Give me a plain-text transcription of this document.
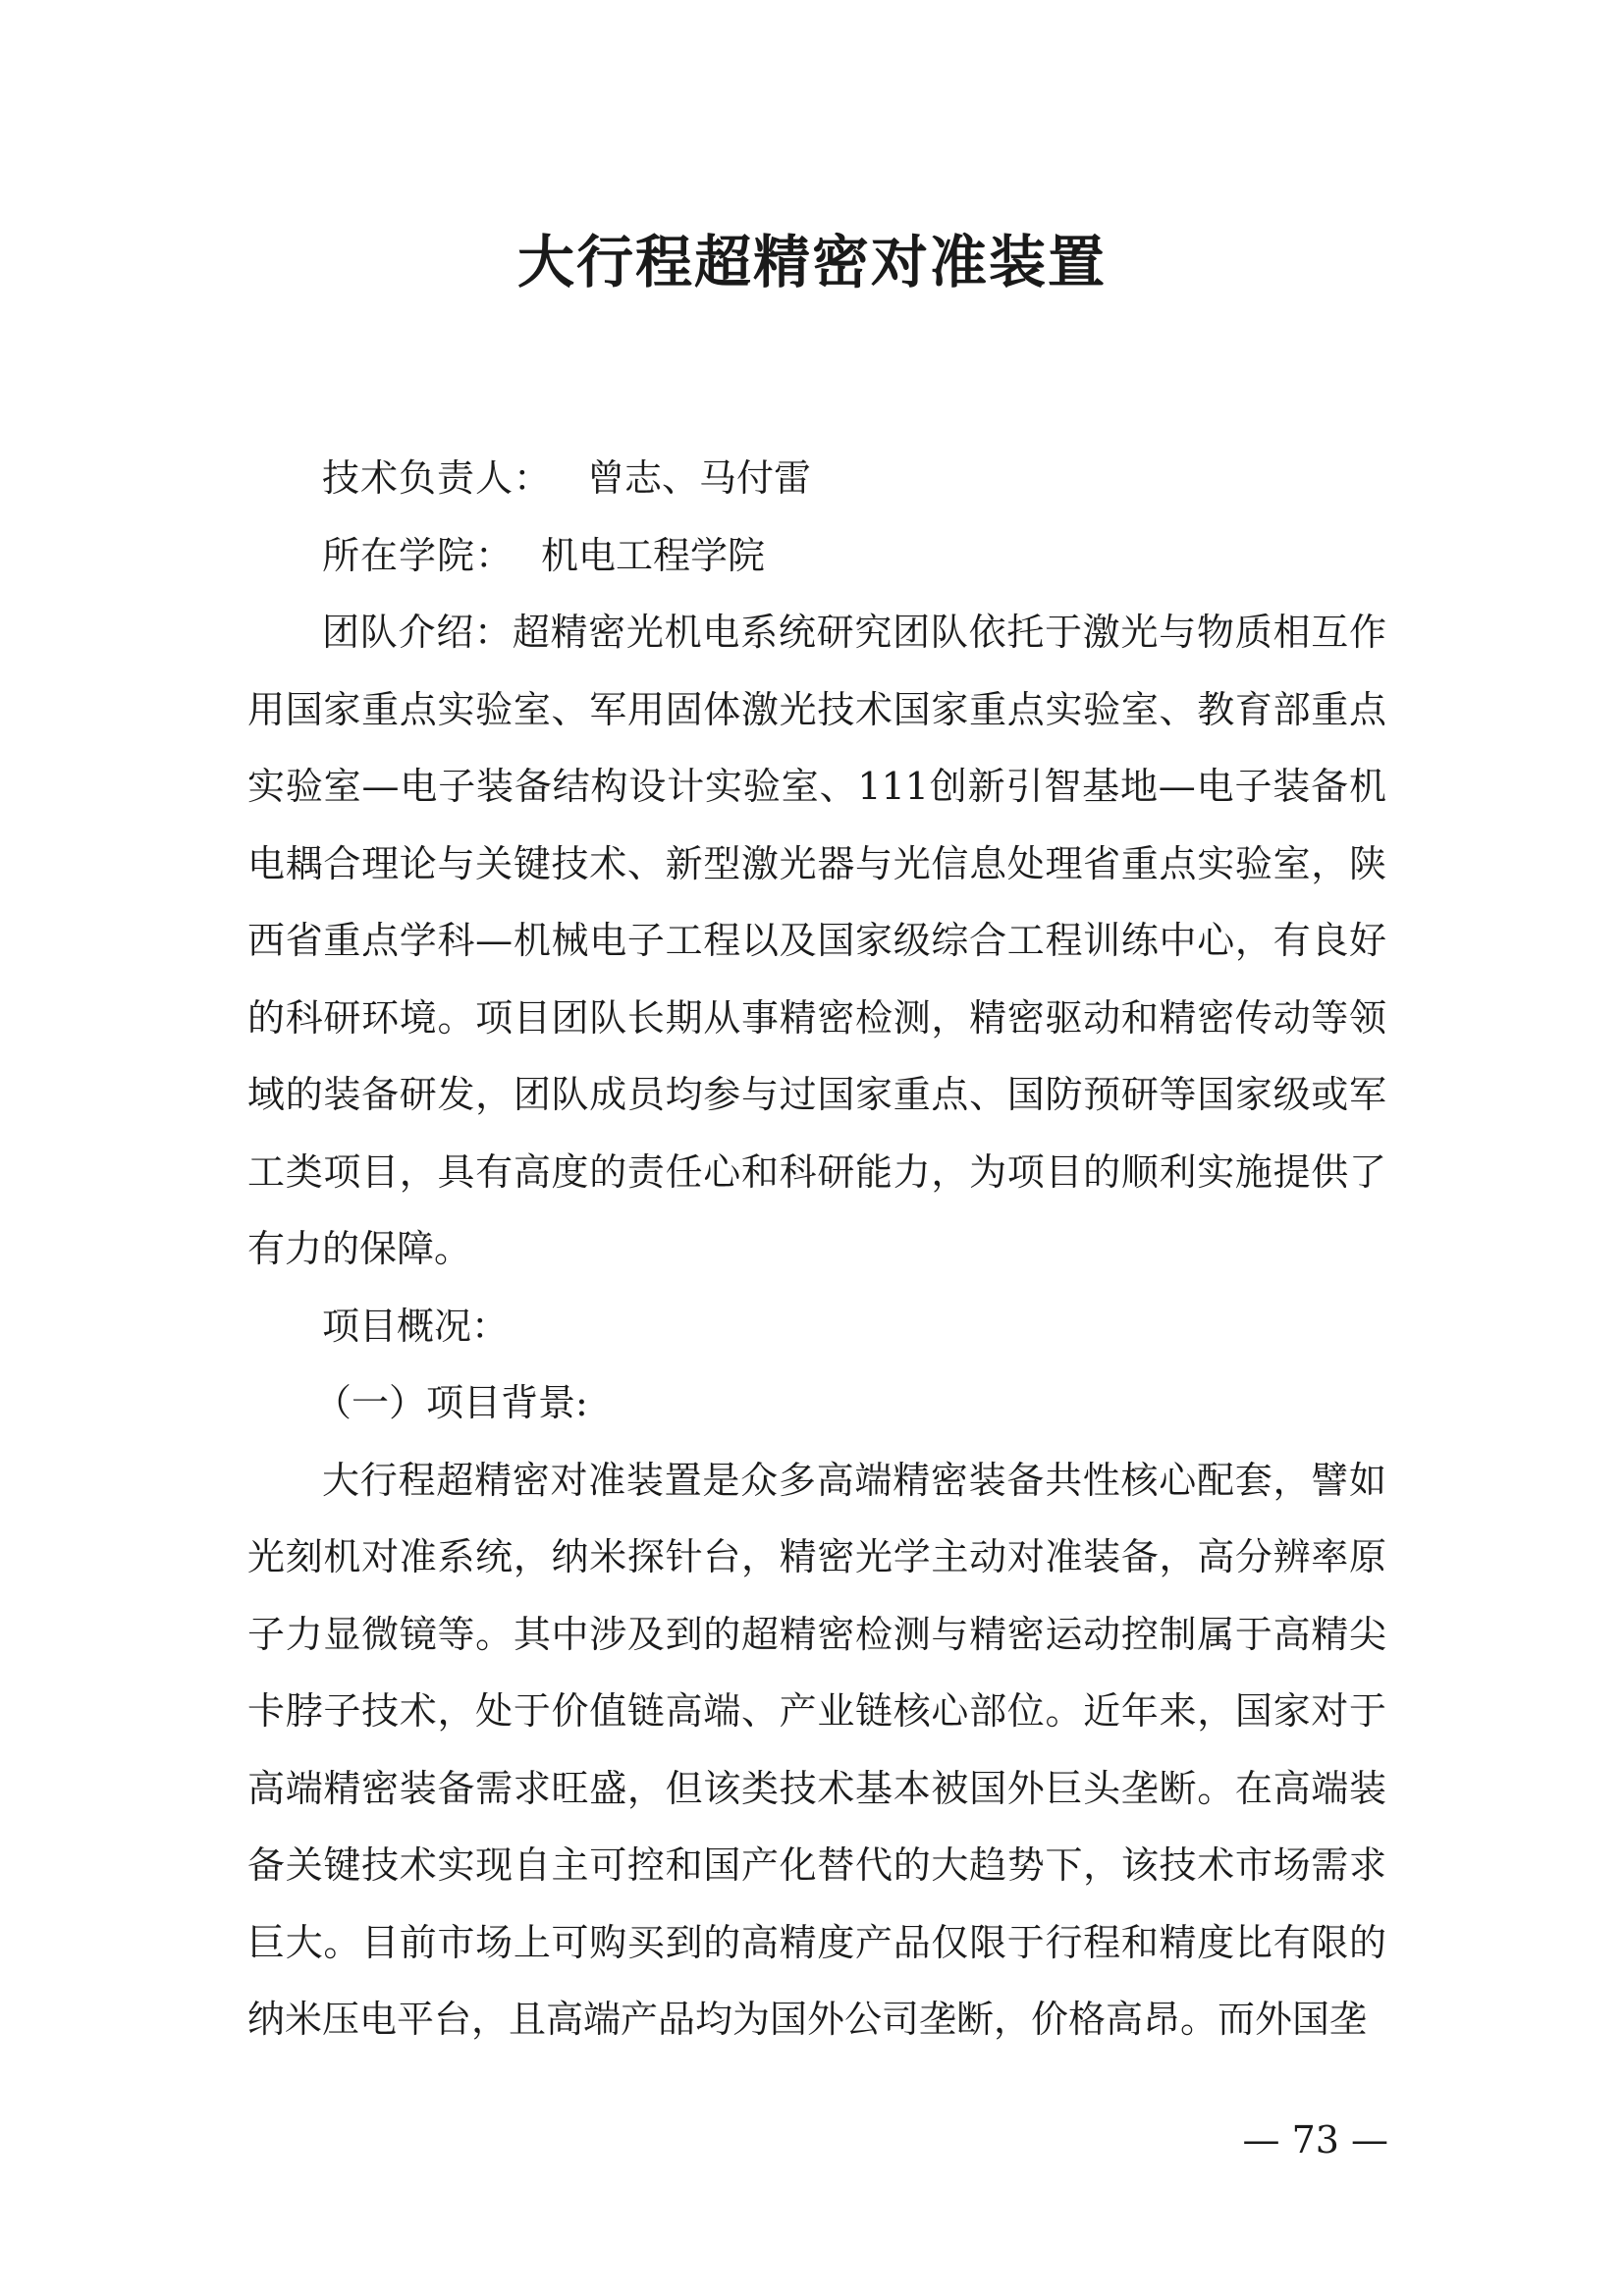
大行程超精密对准装置

技术负责人： 曾志、马付雷

所在学院： 机电工程学院

团队介绍：超精密光机电系统研究团队依托于激光与物质相互作用国家重点实验室、军用固体激光技术国家重点实验室、教育部重点实验室—电子装备结构设计实验室、111创新引智基地—电子装备机电耦合理论与关键技术、新型激光器与光信息处理省重点实验室，陕西省重点学科—机械电子工程以及国家级综合工程训练中心，有良好的科研环境。项目团队长期从事精密检测，精密驱动和精密传动等领域的装备研发，团队成员均参与过国家重点、国防预研等国家级或军工类项目，具有高度的责任心和科研能力，为项目的顺利实施提供了有力的保障。

项目概况：

（一）项目背景:

大行程超精密对准装置是众多高端精密装备共性核心配套，譬如光刻机对准系统，纳米探针台，精密光学主动对准装备，高分辨率原子力显微镜等。其中涉及到的超精密检测与精密运动控制属于高精尖卡脖子技术，处于价值链高端、产业链核心部位。近年来，国家对于高端精密装备需求旺盛，但该类技术基本被国外巨头垄断。在高端装备关键技术实现自主可控和国产化替代的大趋势下，该技术市场需求巨大。目前市场上可购买到的高精度产品仅限于行程和精度比有限的纳米压电平台，且高端产品均为国外公司垄断，价格高昂。而外国垄

— 73 —
